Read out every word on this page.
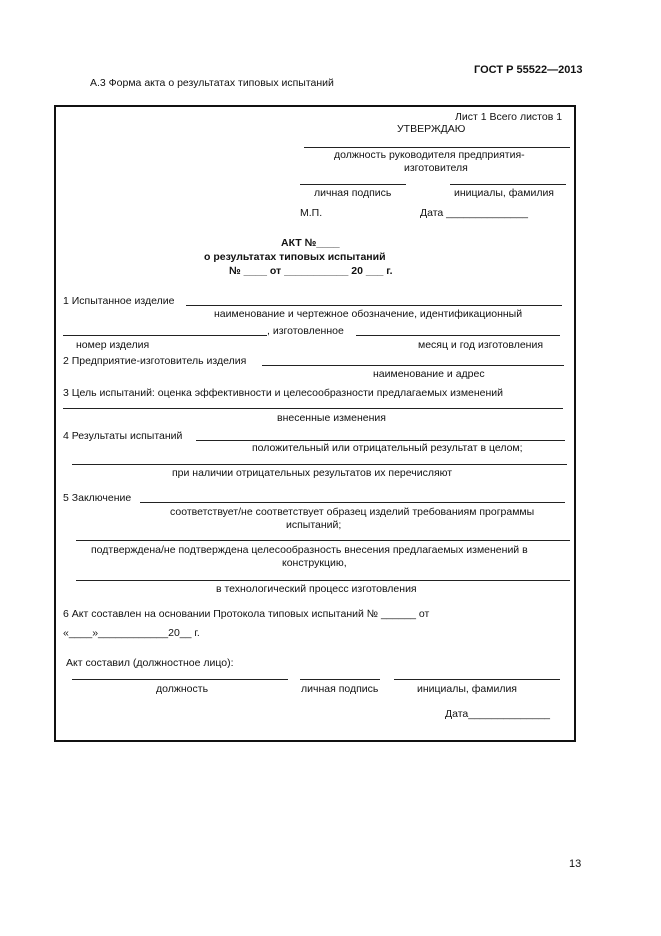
ГОСТ Р 55522—2013
А.3 Форма акта о результатах типовых испытаний
Лист 1 Всего листов 1
УТВЕРЖДАЮ
должность руководителя предприятия-
изготовителя
личная подпись	инициалы, фамилия
М.П.	Дата ______________
АКТ №____
о результатах типовых испытаний
№ ____ от ___________ 20 ___ г.
1 Испытанное изделие
наименование и чертежное обозначение, идентификационный
, изготовленное
номер изделия	месяц и год изготовления
2 Предприятие-изготовитель изделия
наименование и адрес
3 Цель испытаний: оценка эффективности и целесообразности предлагаемых изменений
внесенные изменения
4 Результаты испытаний
положительный или отрицательный результат в целом;
при наличии отрицательных результатов их перечисляют
5 Заключение
соответствует/не соответствует образец изделий требованиям программы
испытаний;
подтверждена/не подтверждена целесообразность внесения предлагаемых изменений в
конструкцию,
в технологический процесс изготовления
6 Акт составлен на основании Протокола типовых испытаний № ______ от
«____»____________20__ г.
Акт составил (должностное лицо):
должность	личная подпись	инициалы, фамилия
Дата______________
13
